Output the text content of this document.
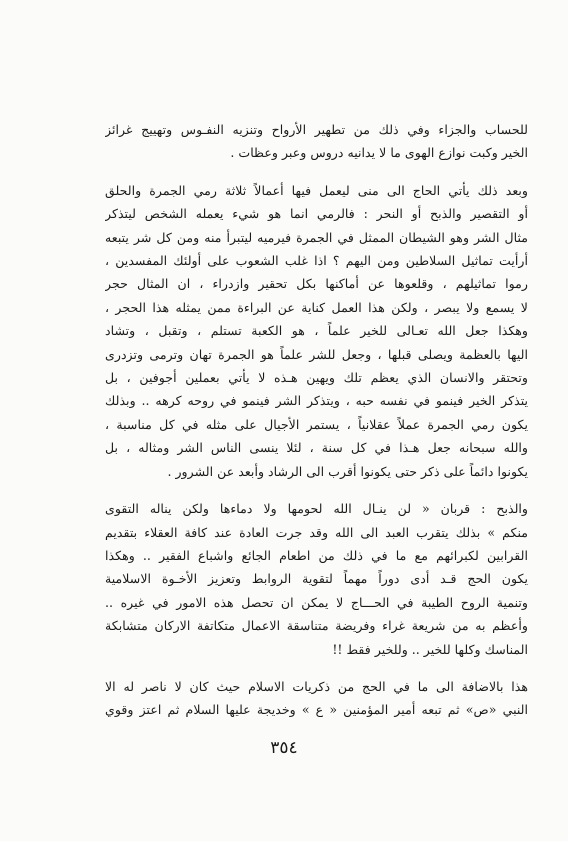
للحساب والجزاء وفي ذلك من تطهير الأرواح وتنزيه النفـوس وتهييج غرائز
الخير وكبت نوازع الهوى ما لا يدانيه دروس وعبر وعظات .
وبعد ذلك يأتي الحاج الى منى ليعمل فيها أعمالاً ثلاثة رمي الجمرة والحلق
أو التقصير والذبح أو النحر : فالرمي انما هو شيء يعمله الشخص ليتذكر
مثال الشر وهو الشيطان الممثل في الجمرة فيرميه ليتبرأ منه ومن كل شر يتبعه
أرأيت تماثيل السلاطين ومن اليهم ؟ اذا غلب الشعوب على أولئك المفسدين ،
رموا تماثيلهم ، وقلعوها عن أماكنها بكل تحقير وازدراء ، ان المثال حجر
لا يسمع ولا يبصر ، ولكن هذا العمل كناية عن البراءة ممن يمثله هذا الحجر ،
وهكذا جعل الله تعـالى للخير علماً ، هو الكعبة تستلم ، وتقبل ، وتشاد
اليها بالعظمة ويصلى قبلها ، وجعل للشر علماً هو الجمرة تهان وترمى وتزدرى
وتحتقر والانسان الذي يعظم تلك ويهين هـذه لا يأتي بعملين أجوفين ، بل
يتذكر الخير فينمو في نفسه حبه ، ويتذكر الشر فينمو في روحه كرهه .. وبذلك
يكون رمي الجمرة عملاً عقلانياً ، يستمر الأجيال على مثله في كل مناسبة ،
والله سبحانه جعل هـذا في كل سنة ، لئلا ينسى الناس الشر ومثاله ، بل
يكونوا دائماً على ذكر حتى يكونوا أقرب الى الرشاد وأبعد عن الشرور .
والذبح : قربان « لن ينـال الله لحومها ولا دماءها ولكن يناله التقوى
منكم » بذلك يتقرب العبد الى الله وقد جرت العادة عند كافة العقلاء بتقديم
القرابين لكبرائهم مع ما في ذلك من اطعام الجائع واشباع الفقير .. وهكذا
يكون الحج قـد أدى دوراً مهماً لتقوية الروابط وتعزيز الأخـوة الاسلامية
وتنمية الروح الطيبة في الحـــاج لا يمكن ان تحصل هذه الامور في غيره ..
وأعظم به من شريعة غراء وفريضة متناسقة الاعمال متكاتفة الاركان متشابكة
المناسك وكلها للخير .. وللخير فقط !!
هذا بالاضافة الى ما في الحج من ذكريات الاسلام حيث كان لا ناصر له الا
النبي «ص» ثم تبعه أمير المؤمنين « ع » وخديجة عليها السلام ثم اعتز وقوي
٣٥٤
